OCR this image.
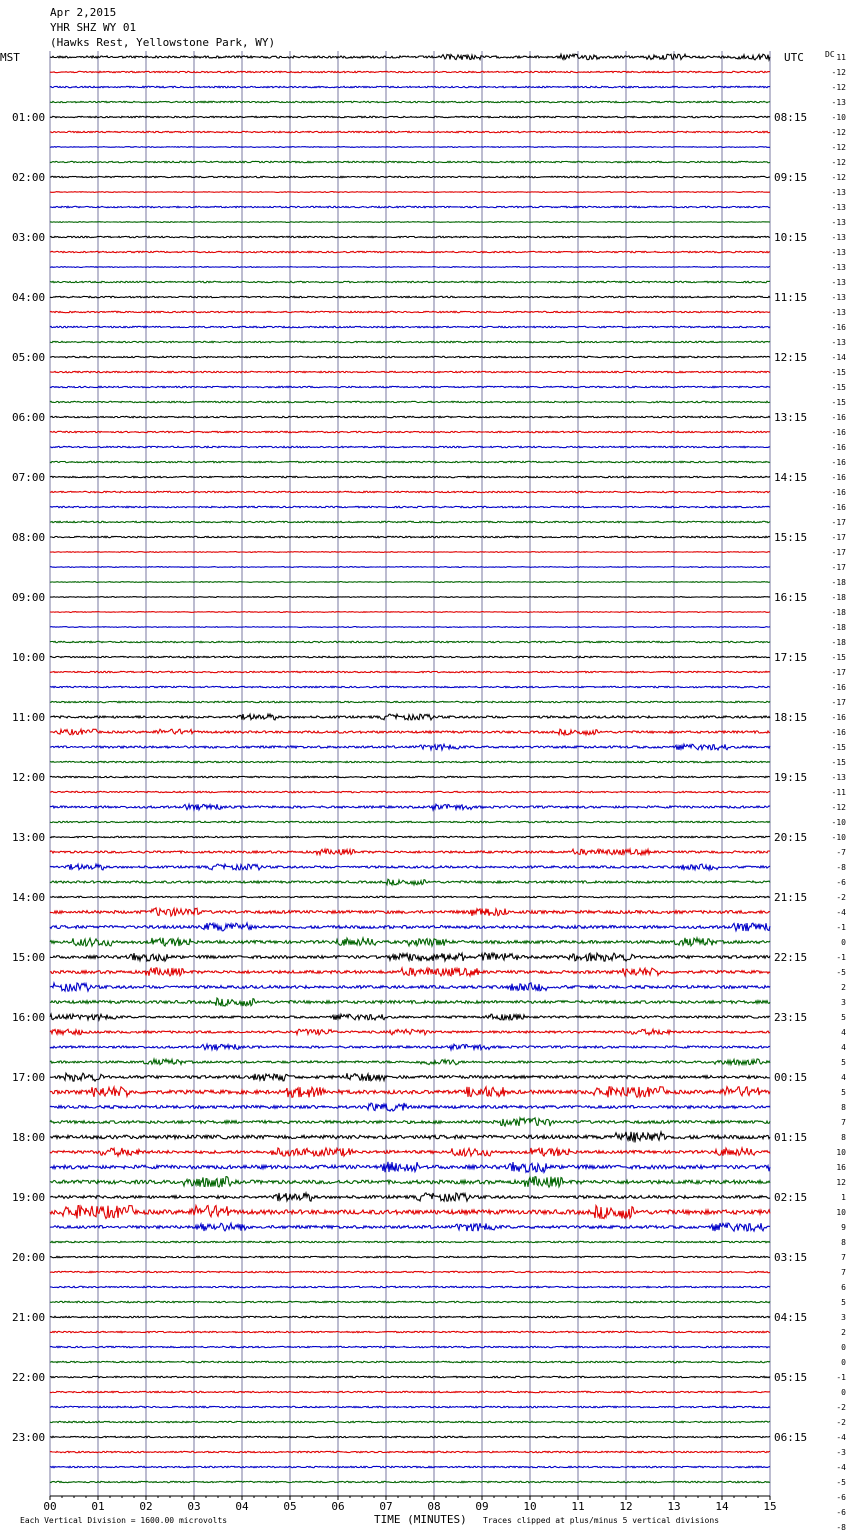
Apr 2,2015
YHR SHZ WY 01
(Hawks Rest, Yellowstone Park, WY)
MST	UTC	DC
01:00
02:00
03:00
04:00
05:00
06:00
07:00
08:00
09:00
10:00
11:00
12:00
13:00
14:00
15:00
16:00
17:00
18:00
19:00
20:00
21:00
22:00
23:00
08:15
09:15
10:15
11:15
12:15
13:15
14:15
15:15
16:15
17:15
18:15
19:15
20:15
21:15
22:15
23:15
00:15
01:15
02:15
03:15
04:15
05:15
06:15
11
-12
-12
-13
-10
-12
-12
-12
-12
-13
-13
-13
-13
-13
-13
-13
-13
-13
-16
-13
-14
-15
-15
-15
-16
-16
-16
-16
-16
-16
-16
-17
-17
-17
-17
-18
-18
-18
-18
-18
-15
-17
-16
-17
-16
-16
-15
-15
-13
-11
-12
-10
-10
-7
-8
-6
-2
-4
-1
0
-1
-5
2
3
5
4
4
5
4
5
8
7
8
10
16
12
1
10
9
8
7
7
6
5
3
2
0
0
-1
0
-2
-2
-4
-3
-4
-5
-6
-6
-8
00	01	02	03	04	05	06	07	08	09	10	11	12	13	14	15
Each Vertical Division = 1600.00 microvolts	TIME (MINUTES) Traces clipped at plus/minus 5 vertical divisions
